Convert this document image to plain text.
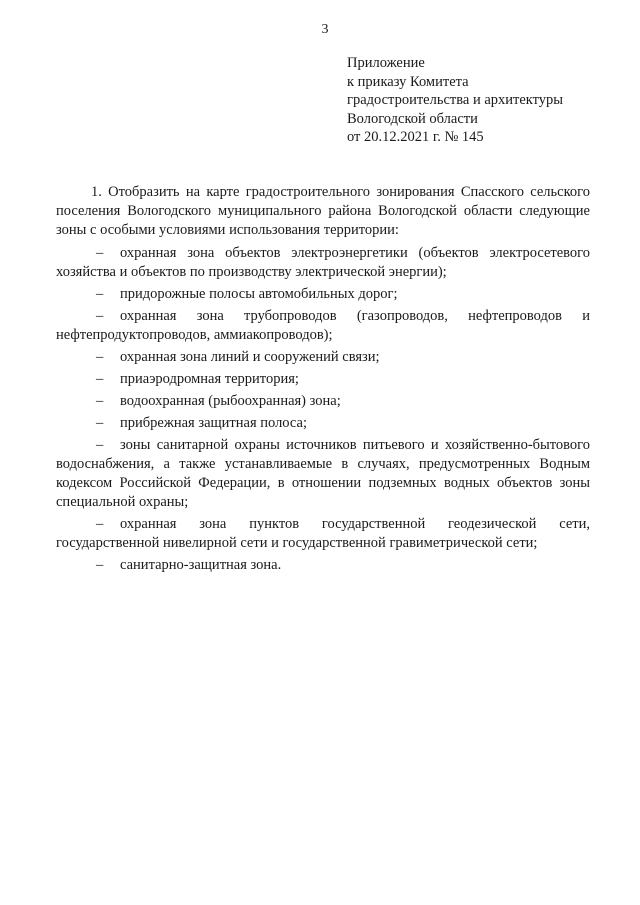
3
Приложение
к приказу Комитета
градостроительства и архитектуры
Вологодской области
от 20.12.2021 г. № 145

1. Отобразить на карте градостроительного зонирования Спасского сельского поселения Вологодского муниципального района Вологодской области следующие зоны с особыми условиями использования территории:

– охранная зона объектов электроэнергетики (объектов электросетевого хозяйства и объектов по производству электрической энергии);
– придорожные полосы автомобильных дорог;
– охранная зона трубопроводов (газопроводов, нефтепроводов и нефтепродуктопроводов, аммиакопроводов);
– охранная зона линий и сооружений связи;
– приаэродромная территория;
– водоохранная (рыбоохранная) зона;
– прибрежная защитная полоса;
– зоны санитарной охраны источников питьевого и хозяйственно-бытового водоснабжения, а также устанавливаемые в случаях, предусмотренных Водным кодексом Российской Федерации, в отношении подземных водных объектов зоны специальной охраны;
– охранная зона пунктов государственной геодезической сети, государственной нивелирной сети и государственной гравиметрической сети;
– санитарно-защитная зона.
